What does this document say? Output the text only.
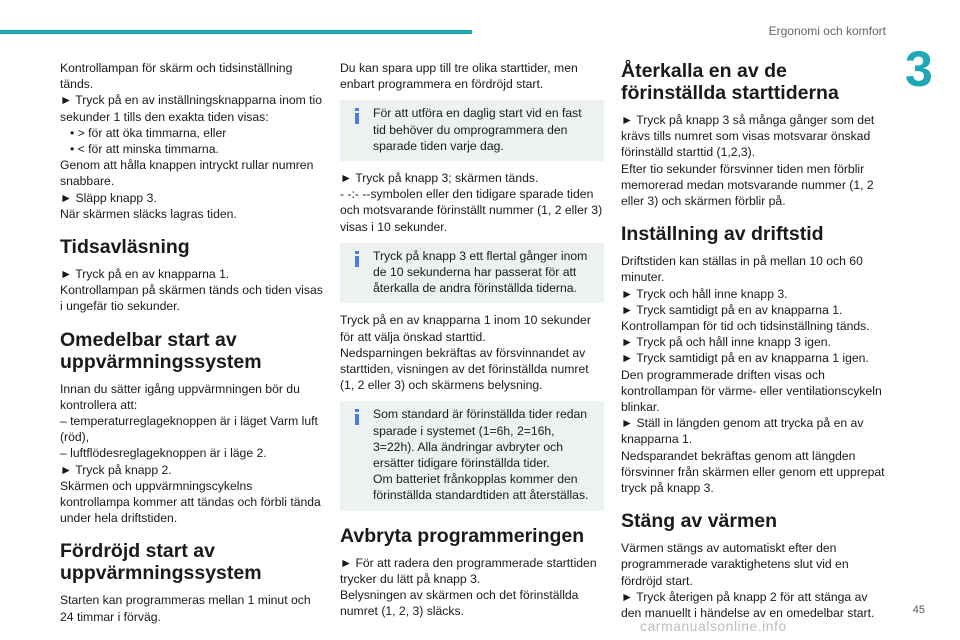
Ergonomi och komfort
3

Kontrollampan för skärm och tidsinställning tänds.

► Tryck på en av inställningsknapparna inom tio sekunder 1 tills den exakta tiden visas:

• > för att öka timmarna, eller

• < för att minska timmarna.

Genom att hålla knappen intryckt rullar numren snabbare.

► Släpp knapp 3.

När skärmen släcks lagras tiden.

Tidsavläsning

► Tryck på en av knapparna 1.

Kontrollampan på skärmen tänds och tiden visas i ungefär tio sekunder.

Omedelbar start av uppvärmningssystem

Innan du sätter igång uppvärmningen bör du kontrollera att:

– temperaturreglageknoppen är i läget Varm luft (röd),

– luftflödesreglageknoppen är i läge 2.

► Tryck på knapp 2.

Skärmen och uppvärmningscykelns kontrollampa kommer att tändas och förbli tända under hela driftstiden.

Fördröjd start av uppvärmningssystem

Starten kan programmeras mellan 1 minut och 24 timmar i förväg.

Du kan spara upp till tre olika starttider, men enbart programmera en fördröjd start.

För att utföra en daglig start vid en fast tid behöver du omprogrammera den sparade tiden varje dag.

► Tryck på knapp 3; skärmen tänds.

- -:- --symbolen eller den tidigare sparade tiden och motsvarande förinställt nummer (1, 2 eller 3) visas i 10 sekunder.

Tryck på knapp 3 ett flertal gånger inom de 10 sekunderna har passerat för att återkalla de andra förinställda tiderna.

Tryck på en av knapparna 1 inom 10 sekunder för att välja önskad starttid.

Nedsparningen bekräftas av försvinnandet av starttiden, visningen av det förinställda numret (1, 2 eller 3) och skärmens belysning.

Som standard är förinställda tider redan sparade i systemet (1=6h, 2=16h, 3=22h). Alla ändringar avbryter och ersätter tidigare förinställda tider.

Om batteriet frånkopplas kommer den förinställda standardtiden att återställas.

Avbryta programmeringen

► För att radera den programmerade starttiden trycker du lätt på knapp 3.

Belysningen av skärmen och det förinställda numret (1, 2, 3) släcks.

Återkalla en av de förinställda starttiderna

► Tryck på knapp 3 så många gånger som det krävs tills numret som visas motsvarar önskad förinställd starttid (1,2,3).

Efter tio sekunder försvinner tiden men förblir memorerad medan motsvarande nummer (1, 2 eller 3) och skärmen förblir på.

Inställning av driftstid

Driftstiden kan ställas in på mellan 10 och 60 minuter.

► Tryck och håll inne knapp 3.

► Tryck samtidigt på en av knapparna 1.

Kontrollampan för tid och tidsinställning tänds.

► Tryck på och håll inne knapp 3 igen.

► Tryck samtidigt på en av knapparna 1 igen.

Den programmerade driften visas och kontrollampan för värme- eller ventilationscykeln blinkar.

► Ställ in längden genom att trycka på en av knapparna 1.

Nedsparandet bekräftas genom att längden försvinner från skärmen eller genom ett upprepat tryck på knapp 3.

Stäng av värmen

Värmen stängs av automatiskt efter den programmerade varaktighetens slut vid en fördröjd start.

► Tryck återigen på knapp 2 för att stänga av den manuellt i händelse av en omedelbar start.	45
carmanualsonline.info
